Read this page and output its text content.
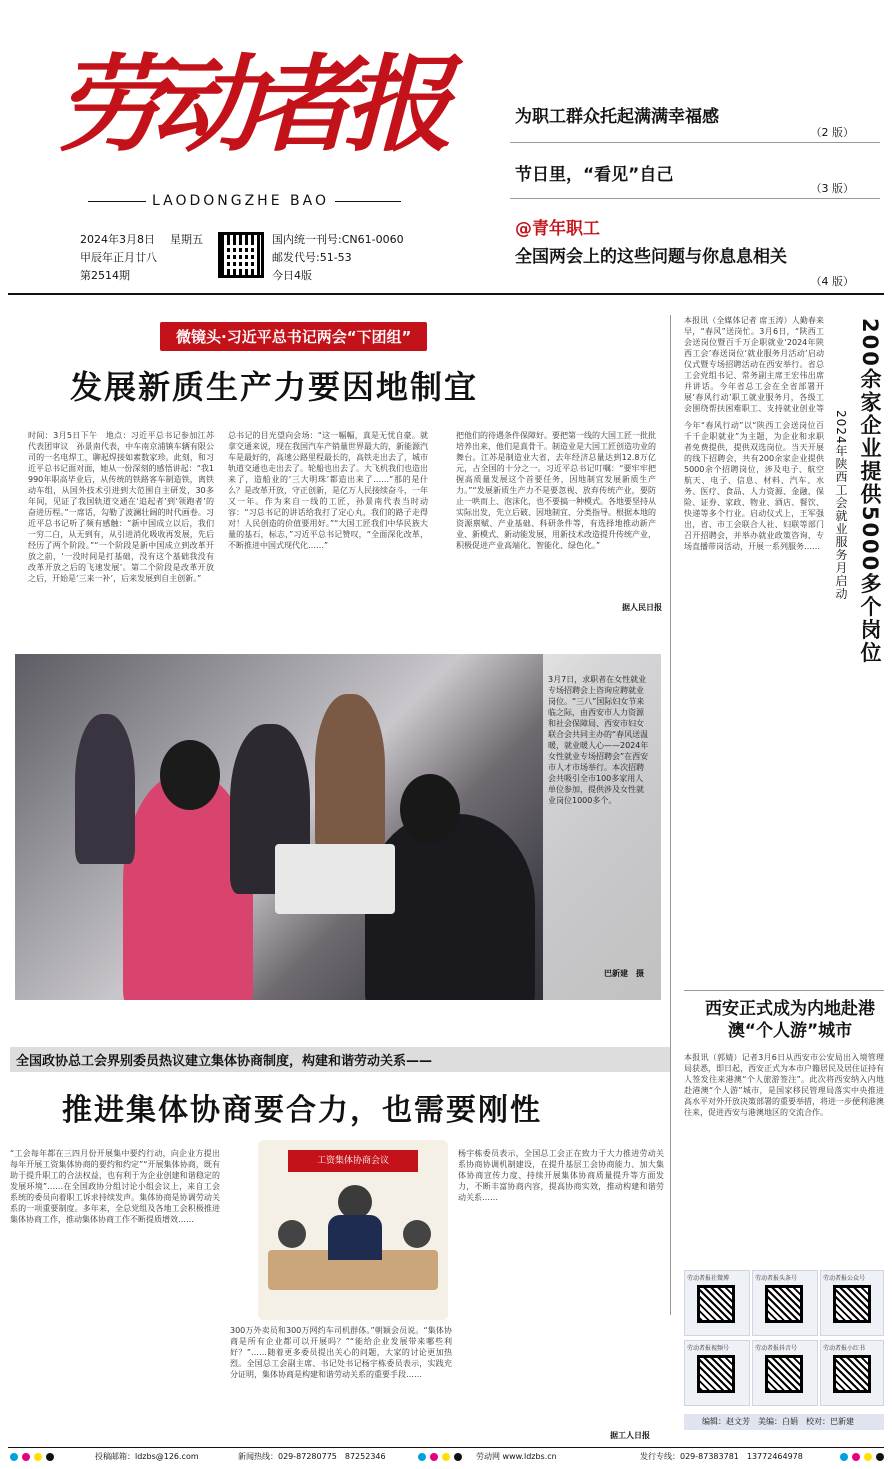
劳动者报
LAODONGZHE BAO
2024年3月8日 星期五
甲辰年正月廿八
第2514期
国内统一刊号:CN61-0060
邮发代号:51-53
今日4版
为职工群众托起满满幸福感
（2 版）
节日里，“看见”自己
（3 版）
@青年职工
全国两会上的这些问题与你息息相关
（4 版）
微镜头·习近平总书记两会“下团组”
发展新质生产力要因地制宜
时间：3月5日下午　地点：习近平总书记参加江苏代表团审议　孙景南代表，中车南京浦镇车辆有限公司的一名电焊工，聊起焊接如素数家珍。此刻，和习近平总书记面对面，她从一份深刻的感悟讲起：“我1990年职高毕业后，从传统的铁路客车制造铁，离铁动车组，从国外技术引进到大范围自主研发，30多年间，见证了我国轨道交通在‘追起者’到‘领跑者’的奋进历程。”一席话，勾勒了波澜壮阔的时代画卷。习近平总书记听了频有感触：“新中国成立以后，我们一穷二白，从无到有，从引进消化吸收再发展，先后经历了两个阶段。”“一个阶段是新中国成立到改革开放之前，‘一没时间是打基础，没有这个基础我没有改革开放之后的飞速发展’。第二个阶段是改革开放之后，开始是‘三来一补’，后来发展到自主创新。”
总书记的目光望向会场：“这一幅幅，真是无忧自豪。就拿交通来说，现在我国汽车产销量世界最大的，新能源汽车是最好的，高速公路里程最长的，高铁走出去了，城市轨道交通也走出去了。轮船也出去了。大飞机我们也造出来了，造船业的‘三大明珠’都造出来了……”那的是什么？是改革开放，守正创新，是亿万人民接续奋斗，一年又一年。作为来自一线的工匠，孙景南代表当时动容：“习总书记的讲话给我打了定心丸，我们的路子走得对！人民创造的价值要用好。”“大国工匠我们中华民族大量的基石，标志，”习近平总书记赞叹，“全面深化改革，不断推进中国式现代化……”
把他们的待遇条件保障好。要把第一线的大国工匠一批批培养出来，他们是真骨干。制造业是大国工匠创造功业的舞台。江苏是制造业大省，去年经济总量达到12.8万亿元，占全国的十分之一。习近平总书记叮嘱：“要牢牢把握高质量发展这个首要任务，因地制宜发展新质生产力。”“发展新质生产力不是要忽视、放弃传统产业，要防止一哄而上、泡沫化，也不要搞一种模式。各地要坚持从实际出发，先立后破、因地制宜、分类指导。根据本地的资源禀赋、产业基础、科研条件等，有选择地推动新产业、新模式、新动能发展，用新技术改造提升传统产业，积极促进产业高端化、智能化、绿色化。”
据人民日报
3月7日，求职者在女性就业专场招聘会上咨询应聘就业岗位。“三八”国际妇女节来临之际，由西安市人力资源和社会保障局、西安市妇女联合会共同主办的“春风送温暖，就业暖人心——2024年女性就业专场招聘会”在西安市人才市场举行。本次招聘会共吸引全市100多家用人单位参加，提供涉及女性就业岗位1000多个。
巴新建　摄
本报讯（全媒体记者 席玉涛）人勤春来早，“春风”送岗忙。3月6日，“陕西工会送岗位暨百千万企职就业‘2024年陕西工会’春送岗位‘就业服务月活动’启动仪式暨专场招聘活动在西安举行。省总工会党组书记、常务副主席王宏伟出席并讲话。今年省总工会在全省部署开展‘春风行动’职工就业服务月，各级工会围绕帮扶困难职工、支持就业创业等 200余家企业提供5000多个岗位
2024年陕西工会就业服务月启动
今年“春风行动”以“陕西工会送岗位百千千企职就业”为主题，为企业和求职者免费提供，提供双选岗位。当天开展的线下招聘会，共有200余家企业提供5000余个招聘岗位，涉及电子、航空航天、电子、信息、材料、汽车、水务、医疗、食品、人力资源、金融、保险、证券、家政、物业、酒店、餐饮、快递等多个行业。启动仪式上，王军强出，省、市工会联合人社、妇联等部门召开招聘会，并举办就业政策咨询、专场直播带岗活动，开展一系列服务……
西安正式成为内地赴港澳“个人游”城市
本报讯（郭婧）记者3月6日从西安市公安局出入境管理局获悉，即日起，西安正式为本市户籍居民及居住证持有人签发往来港澳“个人旅游签注”。此次将西安纳入内地赴港澳“个人游”城市，是国家移民管理局落实中央推进高水平对外开放决策部署的重要举措，将进一步便利港澳往来，促进西安与港澳地区的交流合作。
全国政协总工会界别委员热议建立集体协商制度，构建和谐劳动关系——
推进集体协商要合力，也需要刚性
“工会每年都在三四月份开展集中要约行动，向企业方提出每年开展工资集体协商的要约和约定”“开展集体协商，既有助于提升职工的合法权益，也有利于为企业创建和谐稳定的发展环境”……在全国政协分组讨论小组会议上，来自工会系统的委员向着职工诉求持续发声。集体协商是协调劳动关系的一项重要制度。多年来，全总党组及各地工会积极推进集体协商工作，推动集体协商工作不断提质增效……
工资集体协商会议
300万外卖员和300万网约车司机群体。”朝颖会员说。“集体协商是所有企业都可以开展吗？”“能给企业发展带来哪些利好？”……随着更多委员提出关心的问题，大家的讨论更加热烈。全国总工会副主席、书记处书记杨宇栋委员表示，实践充分证明，集体协商是构建和谐劳动关系的重要手段……
杨宇栋委员表示，全国总工会正在致力于大力推进劳动关系协商协调机制建设，在提升基层工会协商能力、加大集体协商宣传力度、持续开展集体协商质量提升等方面发力，不断丰富协商内容，提高协商实效，推动构建和谐劳动关系……
据工人日报
劳动者报社微博	劳动者报头条号	劳动者报公众号
劳动者报视频号	劳动者报抖音号	劳动者报小红书
编辑：赵文芳　美编：白娟　校对：巴新建
投稿邮箱：ldzbs@126.com	新闻热线：029-87280775　87252346	劳动网 www.ldzbs.cn	发行专线：029-87383781　13772464978
